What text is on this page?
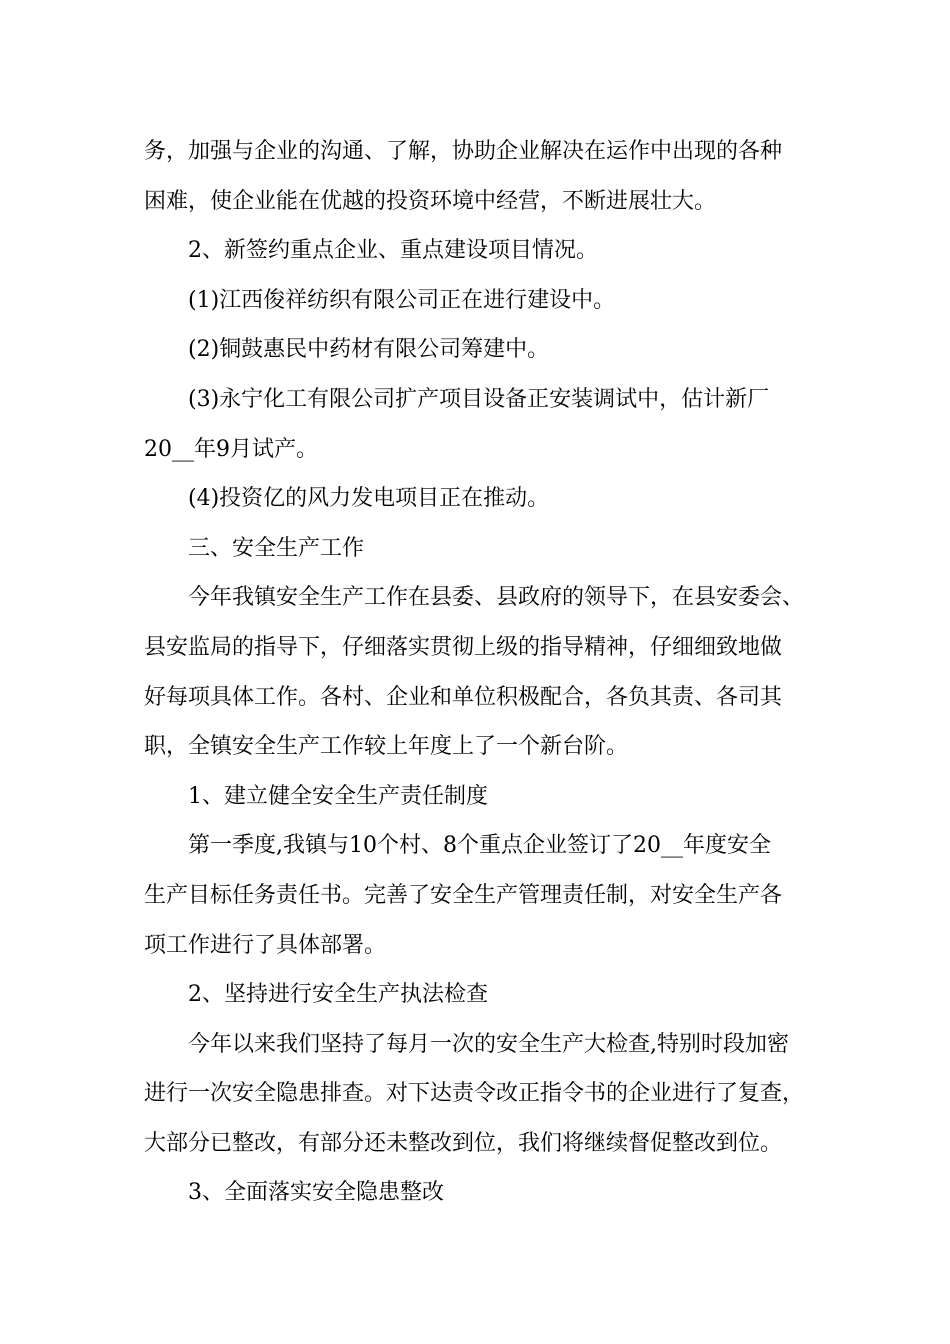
务，加强与企业的沟通、了解，协助企业解决在运作中出现的各种
困难，使企业能在优越的投资环境中经营，不断进展壮大。
2、新签约重点企业、重点建设项目情况。
(1)江西俊祥纺织有限公司正在进行建设中。
(2)铜鼓惠民中药材有限公司筹建中。
(3)永宁化工有限公司扩产项目设备正安装调试中，估计新厂
20__年9月试产。
(4)投资亿的风力发电项目正在推动。
三、安全生产工作
今年我镇安全生产工作在县委、县政府的领导下，在县安委会、
县安监局的指导下，仔细落实贯彻上级的指导精神，仔细细致地做
好每项具体工作。各村、企业和单位积极配合，各负其责、各司其
职，全镇安全生产工作较上年度上了一个新台阶。
1、建立健全安全生产责任制度
第一季度,我镇与10个村、8个重点企业签订了20__年度安全
生产目标任务责任书。完善了安全生产管理责任制，对安全生产各
项工作进行了具体部署。
2、坚持进行安全生产执法检查
今年以来我们坚持了每月一次的安全生产大检查,特别时段加密
进行一次安全隐患排查。对下达责令改正指令书的企业进行了复查，
大部分已整改，有部分还未整改到位，我们将继续督促整改到位。
3、全面落实安全隐患整改
